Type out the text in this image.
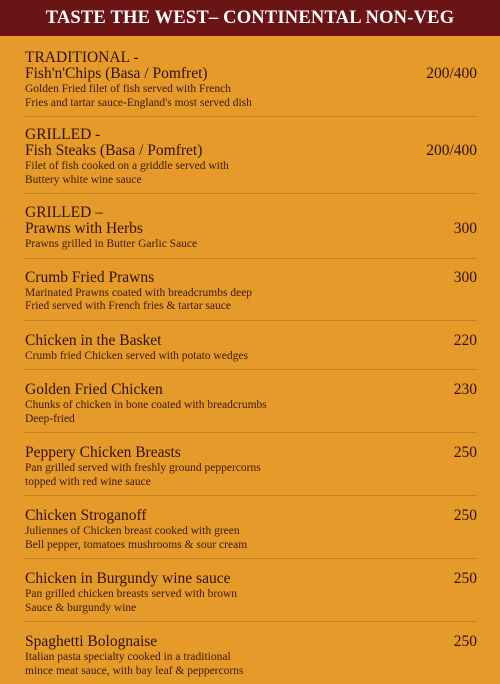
TASTE THE WEST– CONTINENTAL NON-VEG
TRADITIONAL -
Fish'n'Chips (Basa / Pomfret)	200/400
Golden Fried filet of fish served with French
Fries and tartar sauce-England's most served dish
GRILLED -
Fish Steaks (Basa / Pomfret)	200/400
Filet of fish cooked on a griddle served with
Buttery white wine sauce
GRILLED –
Prawns with Herbs	300
Prawns grilled in Butter Garlic Sauce
Crumb Fried Prawns	300
Marinated Prawns coated with breadcrumbs deep
Fried served with French fries & tartar sauce
Chicken in the Basket	220
Crumb fried Chicken served with potato wedges
Golden Fried Chicken	230
Chunks of chicken in bone coated with breadcrumbs
Deep-fried
Peppery Chicken Breasts	250
Pan grilled served with freshly ground peppercorns
topped with red wine sauce
Chicken Stroganoff	250
Juliennes of Chicken breast cooked with green
Bell pepper, tomatoes mushrooms & sour cream
Chicken in Burgundy wine sauce	250
Pan grilled chicken breasts served with brown
Sauce & burgundy wine
Spaghetti Bolognaise	250
Italian pasta specialty cooked in a traditional
mince meat sauce, with bay leaf & peppercorns
